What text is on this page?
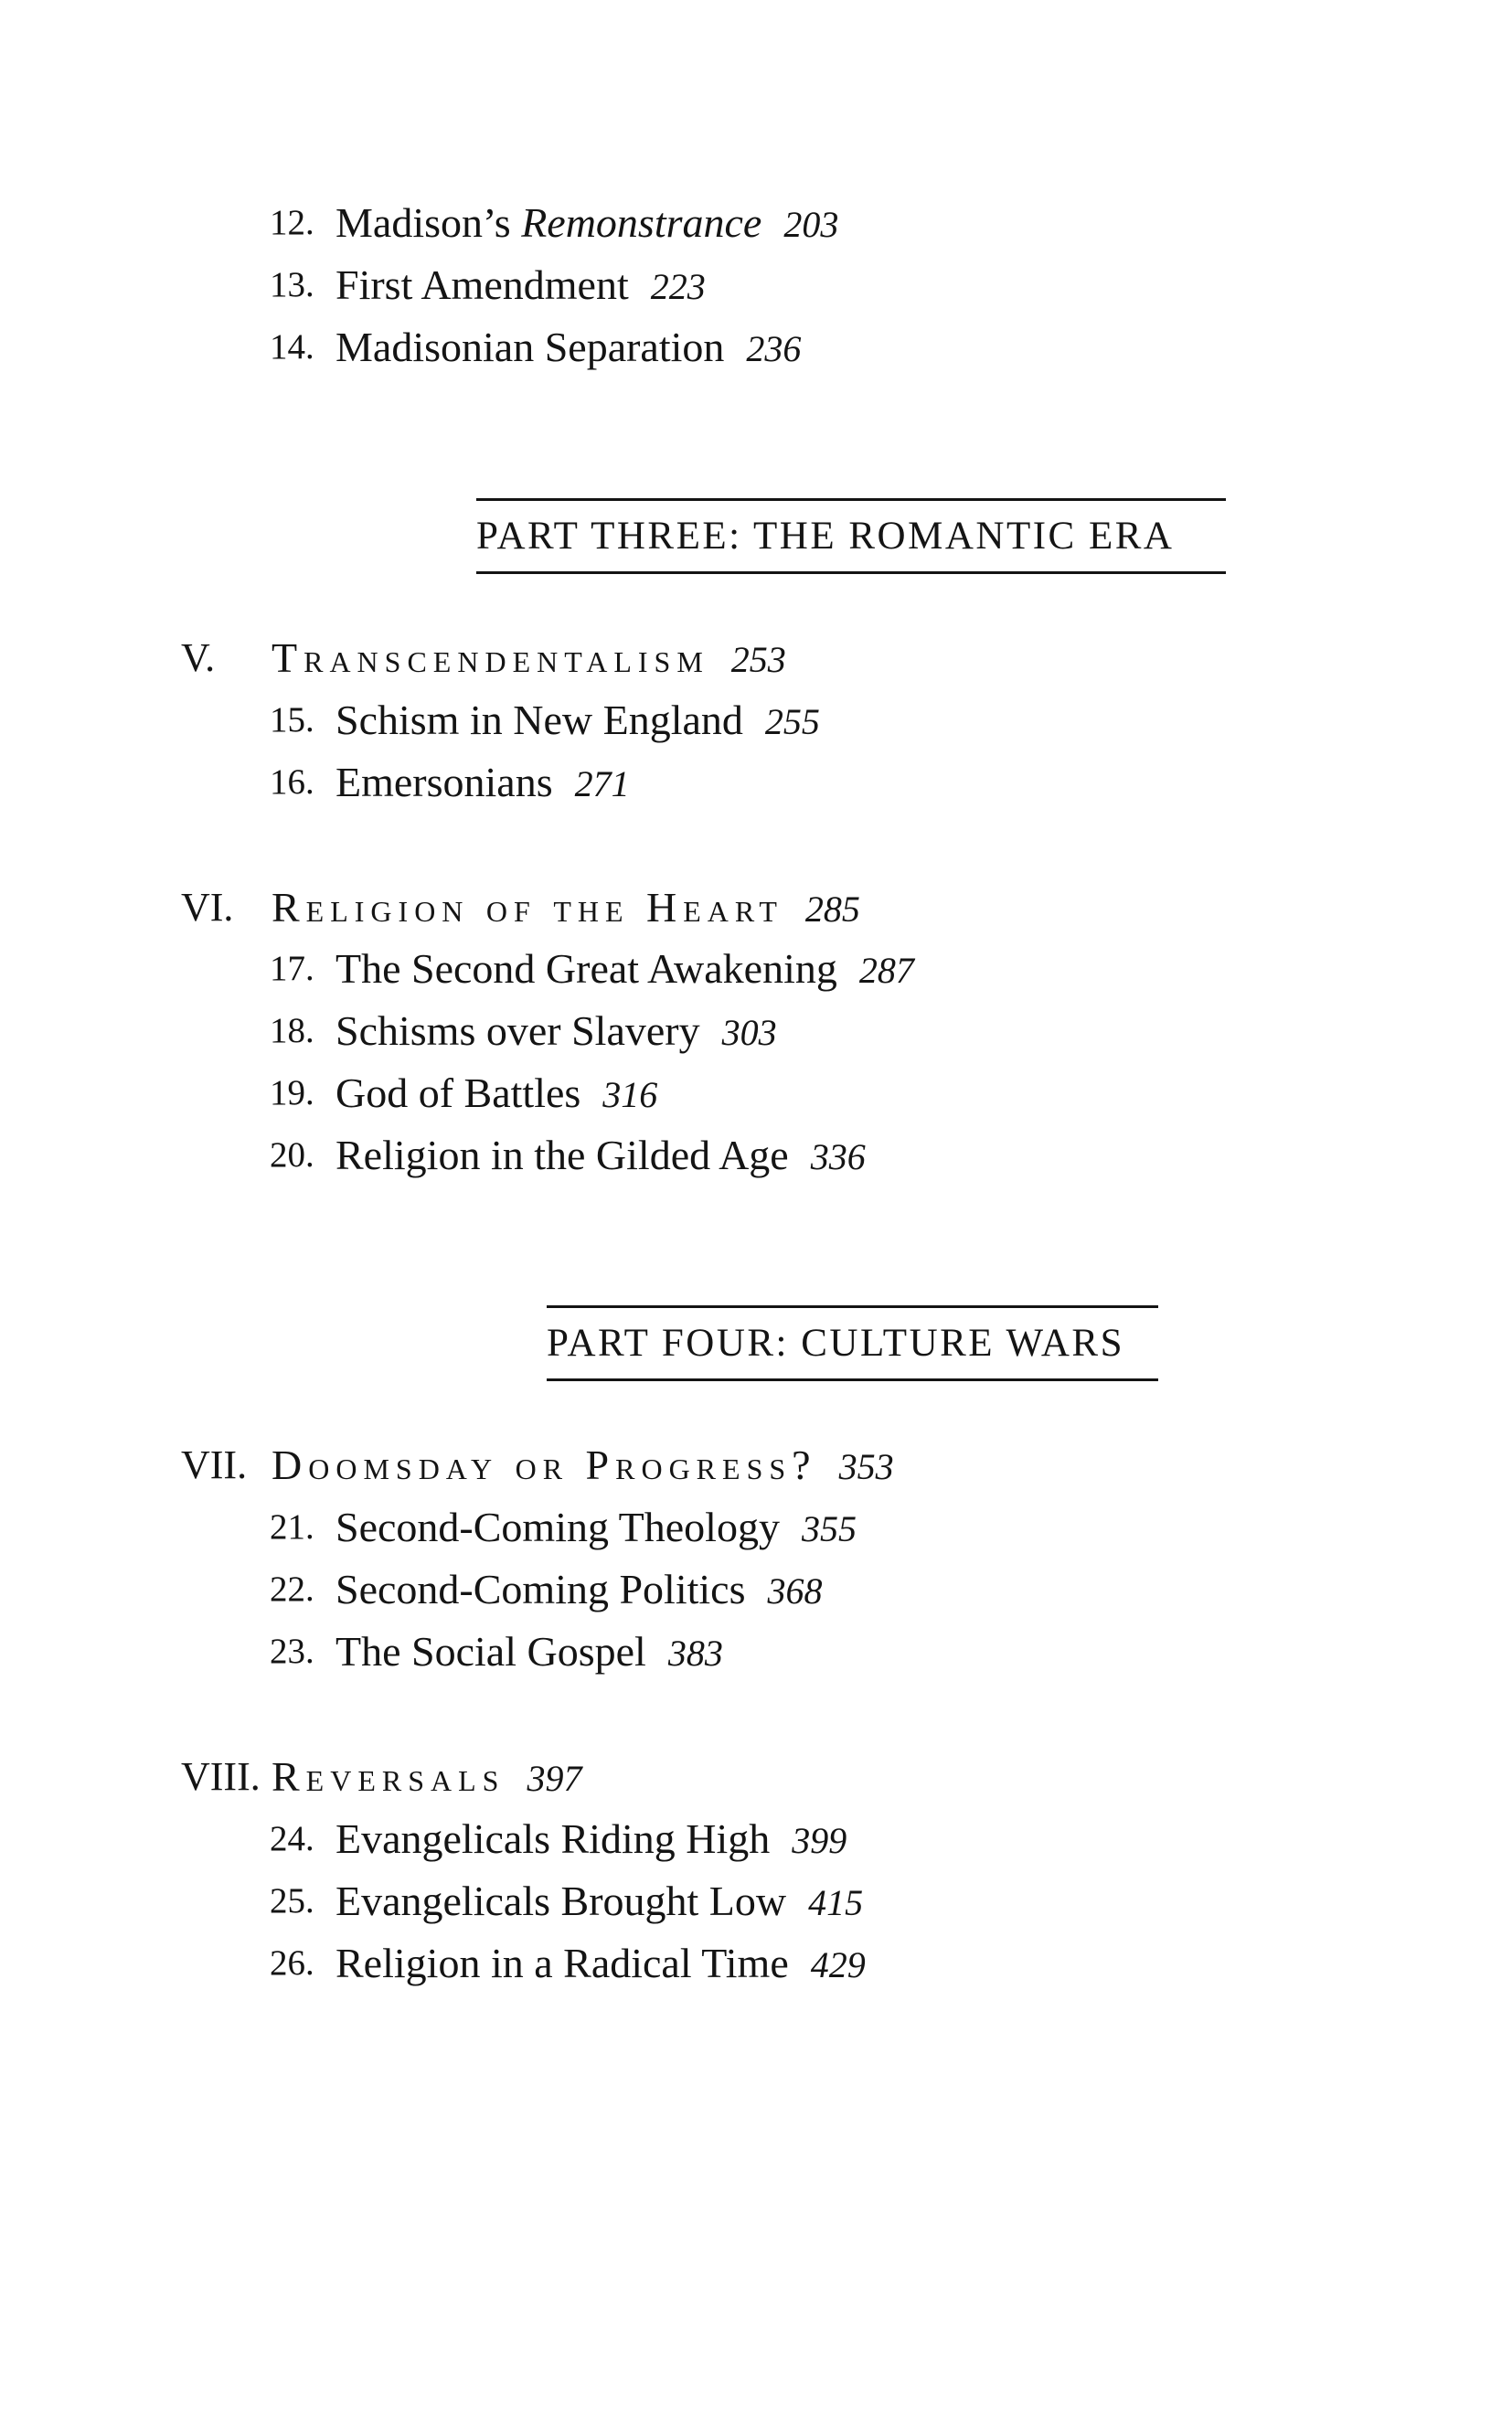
12. Madison’s Remonstrance 203
13. First Amendment 223
14. Madisonian Separation 236
PART THREE: THE ROMANTIC ERA
V. Transcendentalism 253
15. Schism in New England 255
16. Emersonians 271
VI. Religion of the Heart 285
17. The Second Great Awakening 287
18. Schisms over Slavery 303
19. God of Battles 316
20. Religion in the Gilded Age 336
PART FOUR: CULTURE WARS
VII. Doomsday or Progress? 353
21. Second-Coming Theology 355
22. Second-Coming Politics 368
23. The Social Gospel 383
VIII. Reversals 397
24. Evangelicals Riding High 399
25. Evangelicals Brought Low 415
26. Religion in a Radical Time 429
